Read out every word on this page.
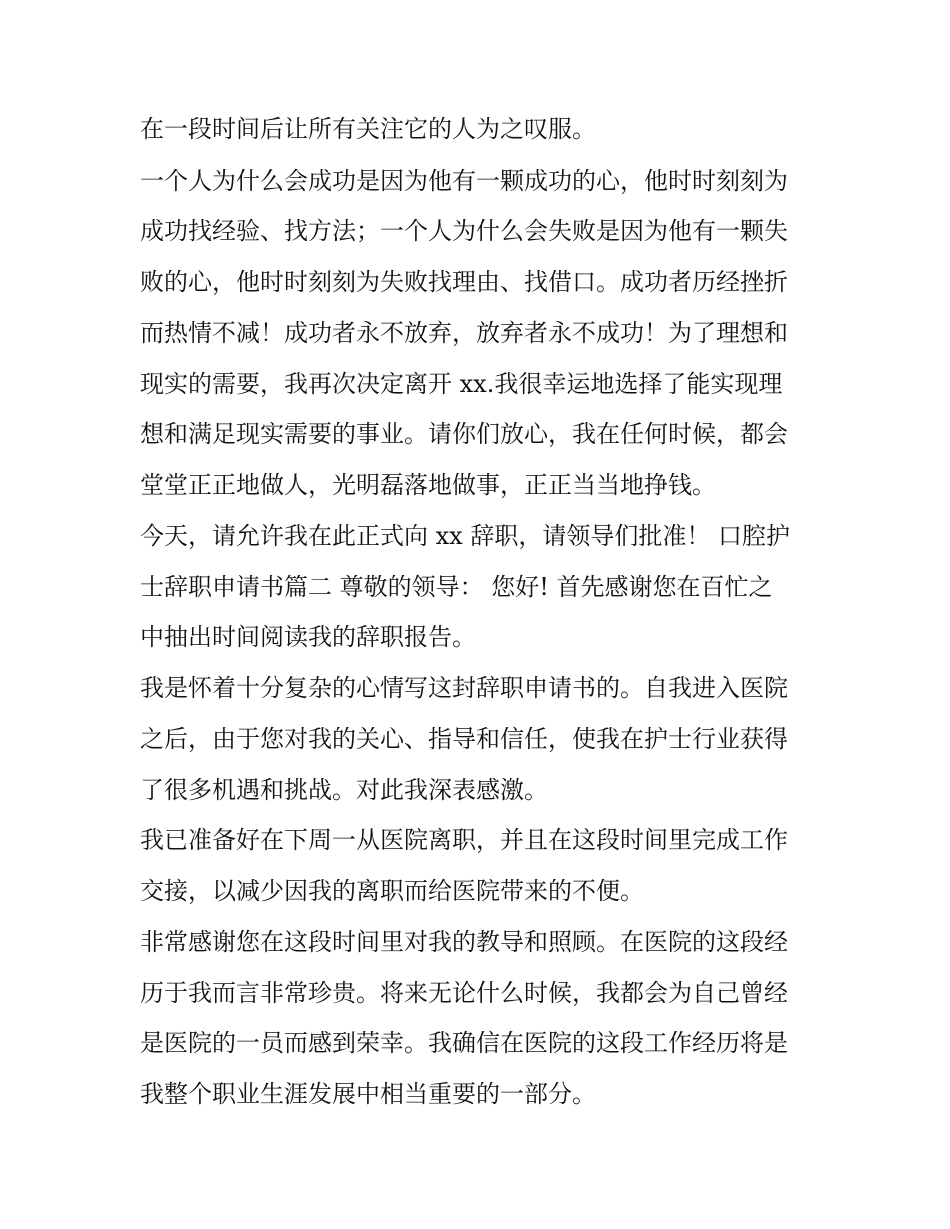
在一段时间后让所有关注它的人为之叹服。
一个人为什么会成功是因为他有一颗成功的心，他时时刻刻为
成功找经验、找方法；一个人为什么会失败是因为他有一颗失
败的心，他时时刻刻为失败找理由、找借口。成功者历经挫折
而热情不减！成功者永不放弃，放弃者永不成功！为了理想和
现实的需要，我再次决定离开 xx.我很幸运地选择了能实现理
想和满足现实需要的事业。请你们放心，我在任何时候，都会
堂堂正正地做人，光明磊落地做事，正正当当地挣钱。
今天，请允许我在此正式向 xx 辞职，请领导们批准！ 口腔护
士辞职申请书篇二 尊敬的领导： 您好! 首先感谢您在百忙之
中抽出时间阅读我的辞职报告。
我是怀着十分复杂的心情写这封辞职申请书的。自我进入医院
之后，由于您对我的关心、指导和信任，使我在护士行业获得
了很多机遇和挑战。对此我深表感激。
我已准备好在下周一从医院离职，并且在这段时间里完成工作
交接，以减少因我的离职而给医院带来的不便。
非常感谢您在这段时间里对我的教导和照顾。在医院的这段经
历于我而言非常珍贵。将来无论什么时候，我都会为自己曾经
是医院的一员而感到荣幸。我确信在医院的这段工作经历将是
我整个职业生涯发展中相当重要的一部分。
